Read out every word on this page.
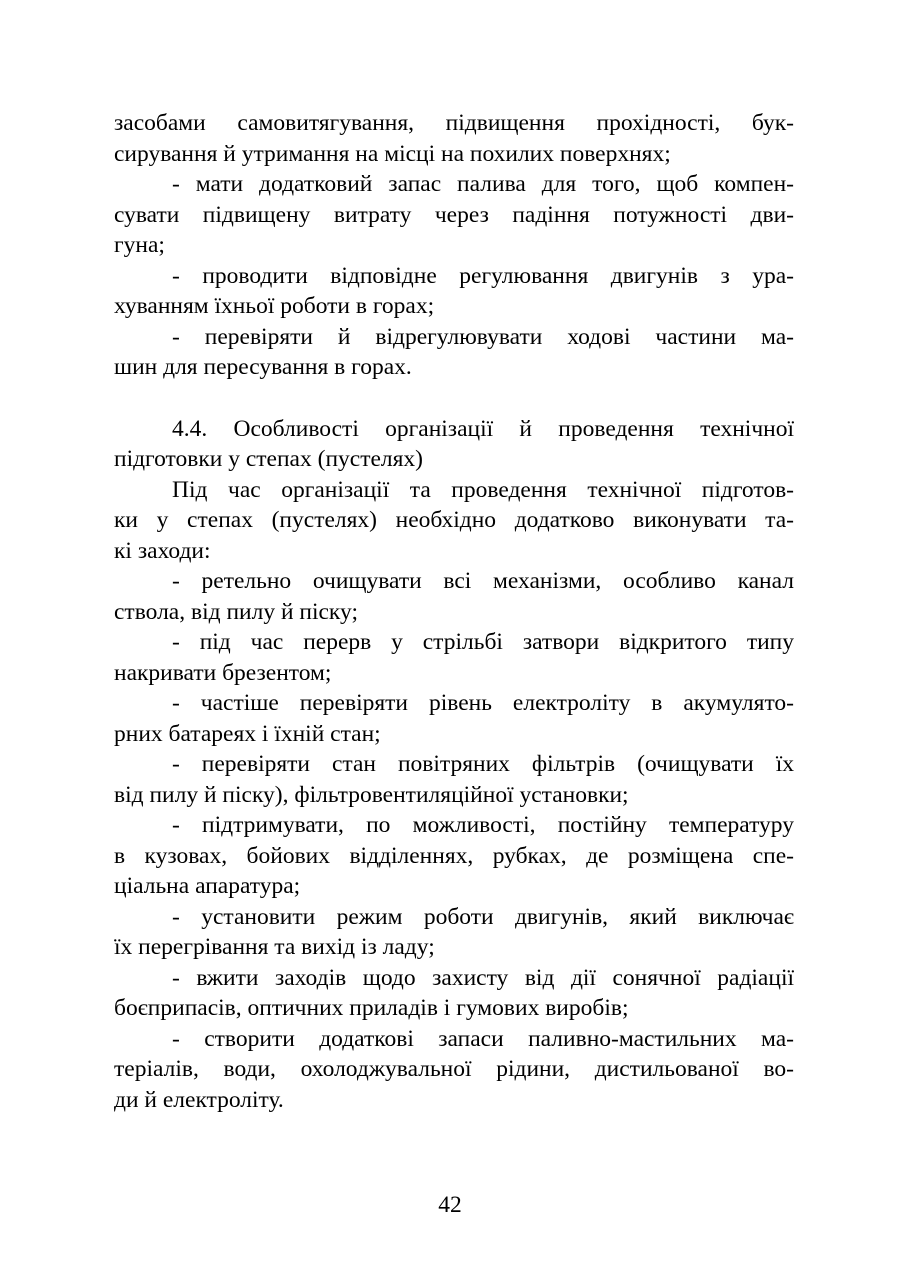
засобами самовитягування, підвищення прохідності, бук-
сирування й утримання на місці на похилих поверхнях;

- мати додатковий запас палива для того, щоб компен-
сувати підвищену витрату через падіння потужності дви-
гуна;

- проводити відповідне регулювання двигунів з ура-
хуванням їхньої роботи в горах;

- перевіряти й відрегулювувати ходові частини ма-
шин для пересування в горах.

4.4. Особливості організації й проведення технічної
підготовки у степах (пустелях)

Під час організації та проведення технічної підготов-
ки у степах (пустелях) необхідно додатково виконувати та-
кі заходи:

- ретельно очищувати всі механізми, особливо канал
ствола, від пилу й піску;

- під час перерв у стрільбі затвори відкритого типу
накривати брезентом;

- частіше перевіряти рівень електроліту в акумулято-
рних батареях і їхній стан;

- перевіряти стан повітряних фільтрів (очищувати їх
від пилу й піску), фільтровентиляційної установки;

- підтримувати, по можливості, постійну температуру
в кузовах, бойових відділеннях, рубках, де розміщена спе-
ціальна апаратура;

- установити режим роботи двигунів, який виключає
їх перегрівання та вихід із ладу;

- вжити заходів щодо захисту від дії сонячної радіації
боєприпасів, оптичних приладів і гумових виробів;

- створити додаткові запаси паливно-мастильних ма-
теріалів, води, охолоджувальної рідини, дистильованої во-
ди й електроліту.

42
